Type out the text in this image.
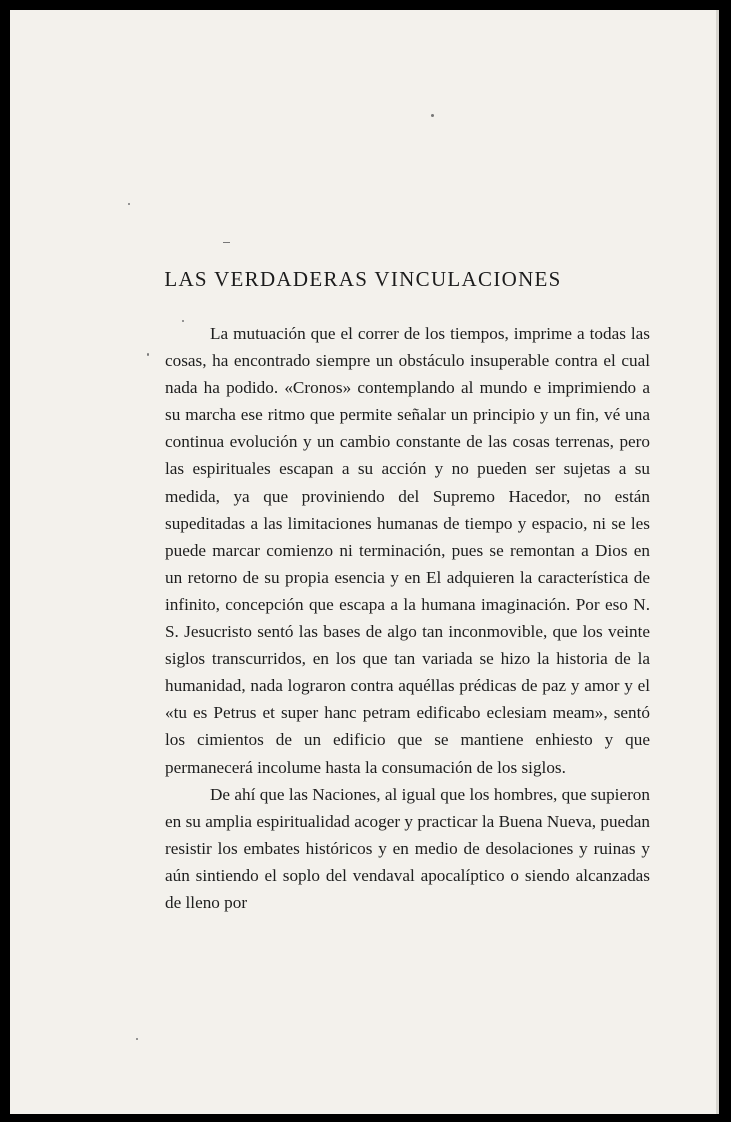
LAS VERDADERAS VINCULACIONES

La mutuación que el correr de los tiempos, imprime a todas las cosas, ha encontrado siempre un obstáculo insuperable contra el cual nada ha podido. «Cronos» contemplando al mundo e imprimiendo a su marcha ese ritmo que permite señalar un principio y un fin, vé una continua evolución y un cambio constante de las cosas terrenas, pero las espirituales escapan a su acción y no pueden ser sujetas a su medida, ya que proviniendo del Supremo Hacedor, no están supeditadas a las limitaciones humanas de tiempo y espacio, ni se les puede marcar comienzo ni terminación, pues se remontan a Dios en un retorno de su propia esencia y en El adquieren la característica de infinito, concepción que escapa a la humana imaginación. Por eso N. S. Jesucristo sentó las bases de algo tan inconmovible, que los veinte siglos transcurridos, en los que tan variada se hizo la historia de la humanidad, nada lograron contra aquéllas prédicas de paz y amor y el «tu es Petrus et super hanc petram edificabo eclesiam meam», sentó los cimientos de un edificio que se mantiene enhiesto y que permanecerá incolume hasta la consumación de los siglos.

De ahí que las Naciones, al igual que los hombres, que supieron en su amplia espiritualidad acoger y practicar la Buena Nueva, puedan resistir los embates históricos y en medio de desolaciones y ruinas y aún sintiendo el soplo del vendaval apocalíptico o siendo alcanzadas de lleno por
